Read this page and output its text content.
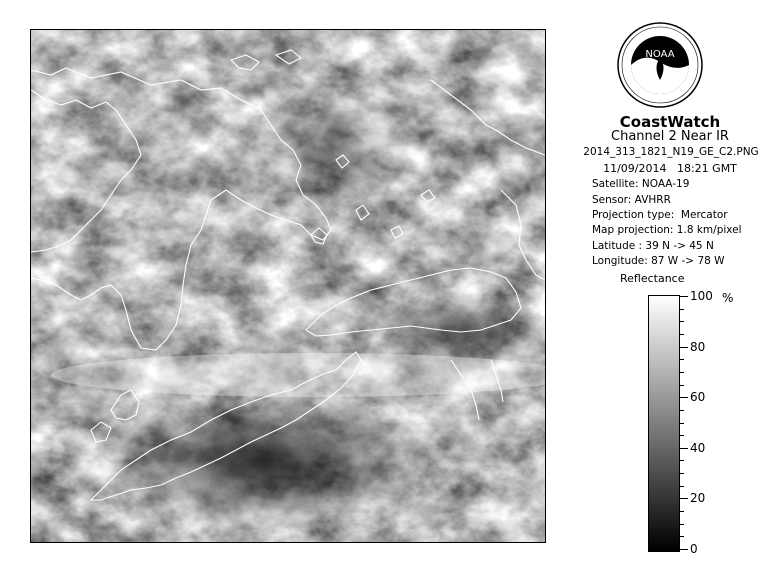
NOAA
CoastWatch
Channel 2 Near IR
2014_313_1821_N19_GE_C2.PNG
11/09/2014   18:21 GMT
Satellite: NOAA-19
Sensor: AVHRR
Projection type:  Mercator
Map projection: 1.8 km/pixel
Latitude : 39 N -> 45 N
Longitude: 87 W -> 78 W
Reflectance
%
100
80
60
40
20
0
